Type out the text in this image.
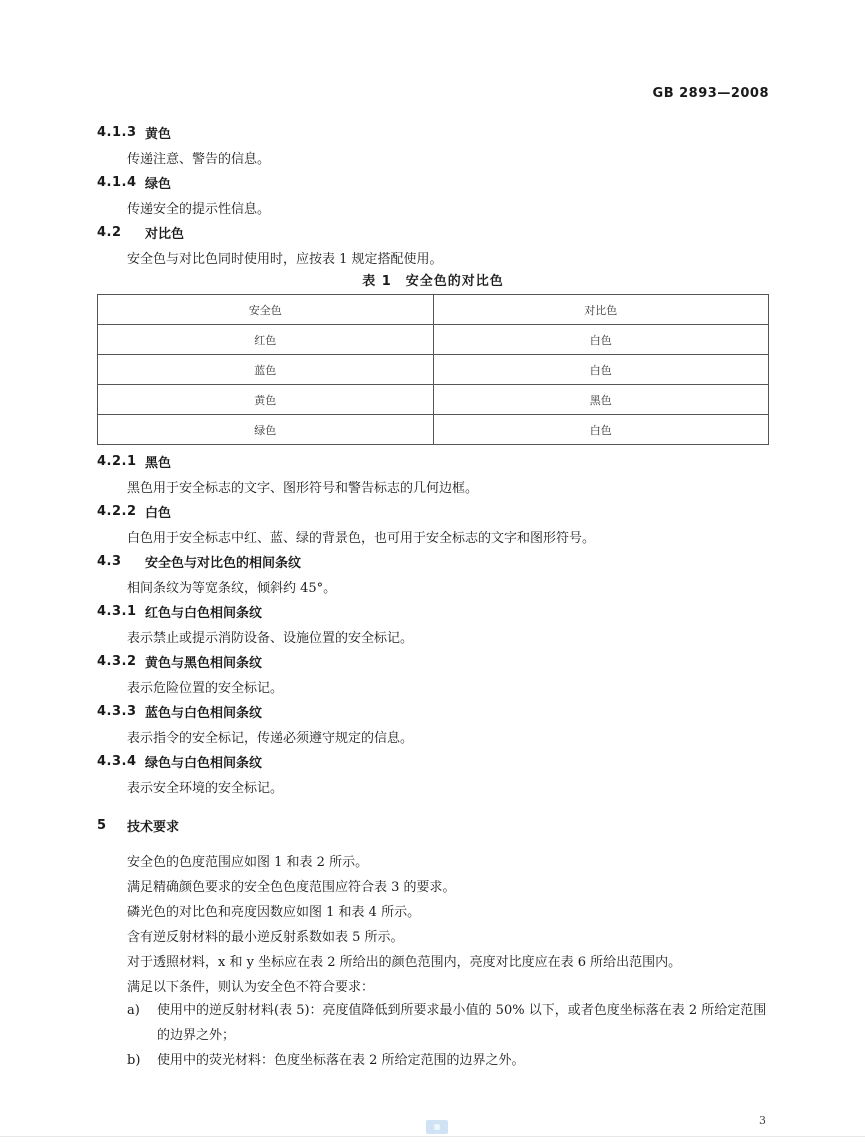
GB 2893—2008
4.1.3 黄色
传递注意、警告的信息。
4.1.4 绿色
传递安全的提示性信息。
4.2	对比色
安全色与对比色同时使用时，应按表 1 规定搭配使用。
表 1　安全色的对比色
安全色	对比色
红色	白色
蓝色	白色
黄色	黑色
绿色	白色
4.2.1 黑色
黑色用于安全标志的文字、图形符号和警告标志的几何边框。
4.2.2 白色
白色用于安全标志中红、蓝、绿的背景色，也可用于安全标志的文字和图形符号。
4.3	安全色与对比色的相间条纹
相间条纹为等宽条纹，倾斜约 45°。
4.3.1 红色与白色相间条纹
表示禁止或提示消防设备、设施位置的安全标记。
4.3.2 黄色与黑色相间条纹
表示危险位置的安全标记。
4.3.3 蓝色与白色相间条纹
表示指令的安全标记，传递必须遵守规定的信息。
4.3.4 绿色与白色相间条纹
表示安全环境的安全标记。
5	技术要求
安全色的色度范围应如图 1 和表 2 所示。
满足精确颜色要求的安全色色度范围应符合表 3 的要求。
磷光色的对比色和亮度因数应如图 1 和表 4 所示。
含有逆反射材料的最小逆反射系数如表 5 所示。
对于透照材料，x 和 y 坐标应在表 2 所给出的颜色范围内，亮度对比度应在表 6 所给出范围内。
满足以下条件，则认为安全色不符合要求：
a)	使用中的逆反射材料(表 5)：亮度值降低到所要求最小值的 50% 以下，或者色度坐标落在表 2 所给定范围的边界之外；
b)	使用中的荧光材料：色度坐标落在表 2 所给定范围的边界之外。
▦	3
